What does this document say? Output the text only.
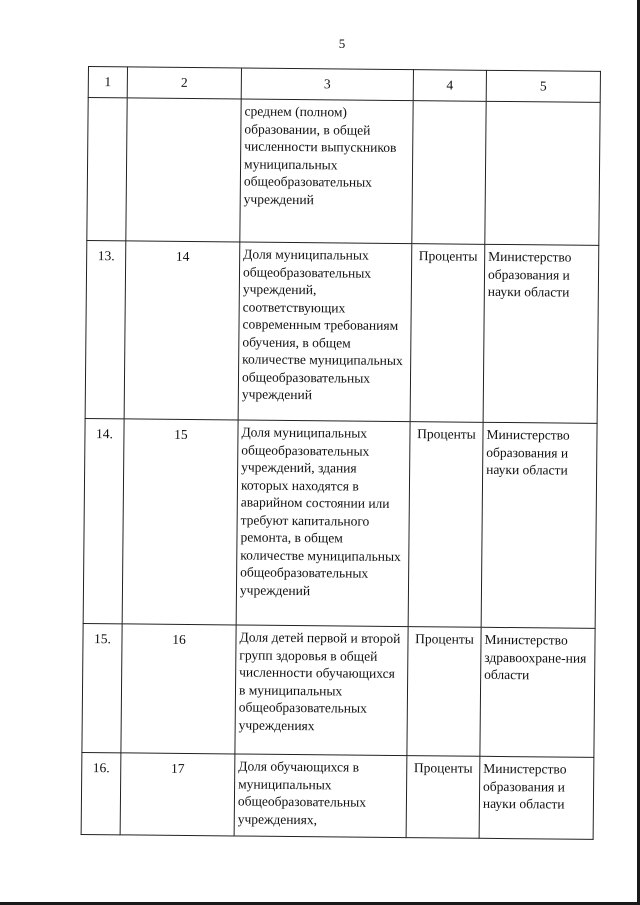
5
1	2	3	4	5
		среднем (полном) образовании, в общей численности выпускников муниципальных общеобразовательных учреждений		
13.	14	Доля муниципальных общеобразовательных учреждений, соответствующих современным требованиям обучения, в общем количестве муниципальных общеобразовательных учреждений	Проценты	Министерство образования и науки области
14.	15	Доля муниципальных общеобразовательных учреждений, здания которых находятся в аварийном состоянии или требуют капитального ремонта, в общем количестве муниципальных общеобразовательных учреждений	Проценты	Министерство образования и науки области
15.	16	Доля детей первой и второй групп здоровья в общей численности обучающихся в муниципальных общеобразовательных учреждениях	Проценты	Министерство здравоохране-ния области
16.	17	Доля обучающихся в муниципальных общеобразовательных учреждениях,	Проценты	Министерство образования и науки области
